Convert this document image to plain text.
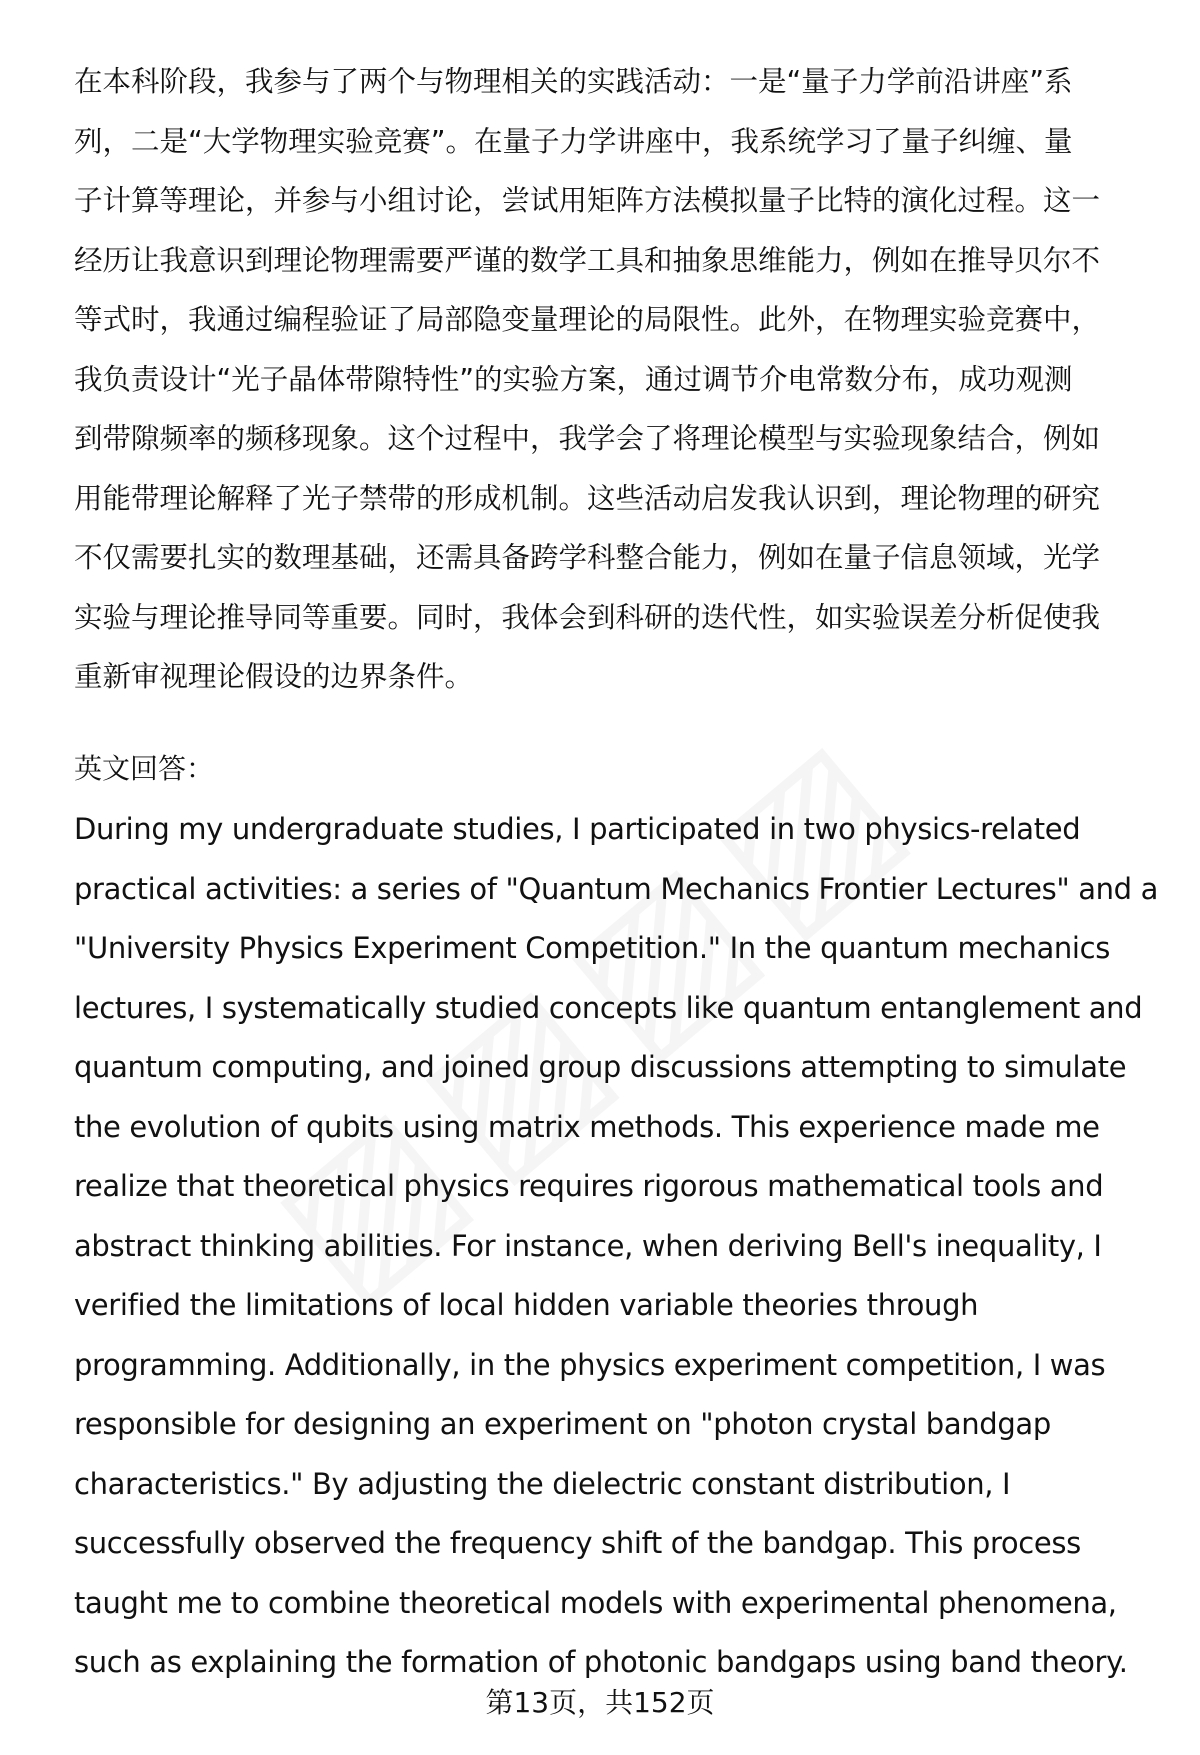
在本科阶段，我参与了两个与物理相关的实践活动：一是“量子力学前沿讲座”系
列，二是“大学物理实验竞赛”。在量子力学讲座中，我系统学习了量子纠缠、量
子计算等理论，并参与小组讨论，尝试用矩阵方法模拟量子比特的演化过程。这一
经历让我意识到理论物理需要严谨的数学工具和抽象思维能力，例如在推导贝尔不
等式时，我通过编程验证了局部隐变量理论的局限性。此外，在物理实验竞赛中，
我负责设计“光子晶体带隙特性”的实验方案，通过调节介电常数分布，成功观测
到带隙频率的频移现象。这个过程中，我学会了将理论模型与实验现象结合，例如
用能带理论解释了光子禁带的形成机制。这些活动启发我认识到，理论物理的研究
不仅需要扎实的数理基础，还需具备跨学科整合能力，例如在量子信息领域，光学
实验与理论推导同等重要。同时，我体会到科研的迭代性，如实验误差分析促使我
重新审视理论假设的边界条件。
英文回答：
During my undergraduate studies, I participated in two physics-related
practical activities: a series of "Quantum Mechanics Frontier Lectures" and a
"University Physics Experiment Competition." In the quantum mechanics
lectures, I systematically studied concepts like quantum entanglement and
quantum computing, and joined group discussions attempting to simulate
the evolution of qubits using matrix methods. This experience made me
realize that theoretical physics requires rigorous mathematical tools and
abstract thinking abilities. For instance, when deriving Bell's inequality, I
verified the limitations of local hidden variable theories through
programming. Additionally, in the physics experiment competition, I was
responsible for designing an experiment on "photon crystal bandgap
characteristics." By adjusting the dielectric constant distribution, I
successfully observed the frequency shift of the bandgap. This process
taught me to combine theoretical models with experimental phenomena,
such as explaining the formation of photonic bandgaps using band theory.
第13页，共152页
